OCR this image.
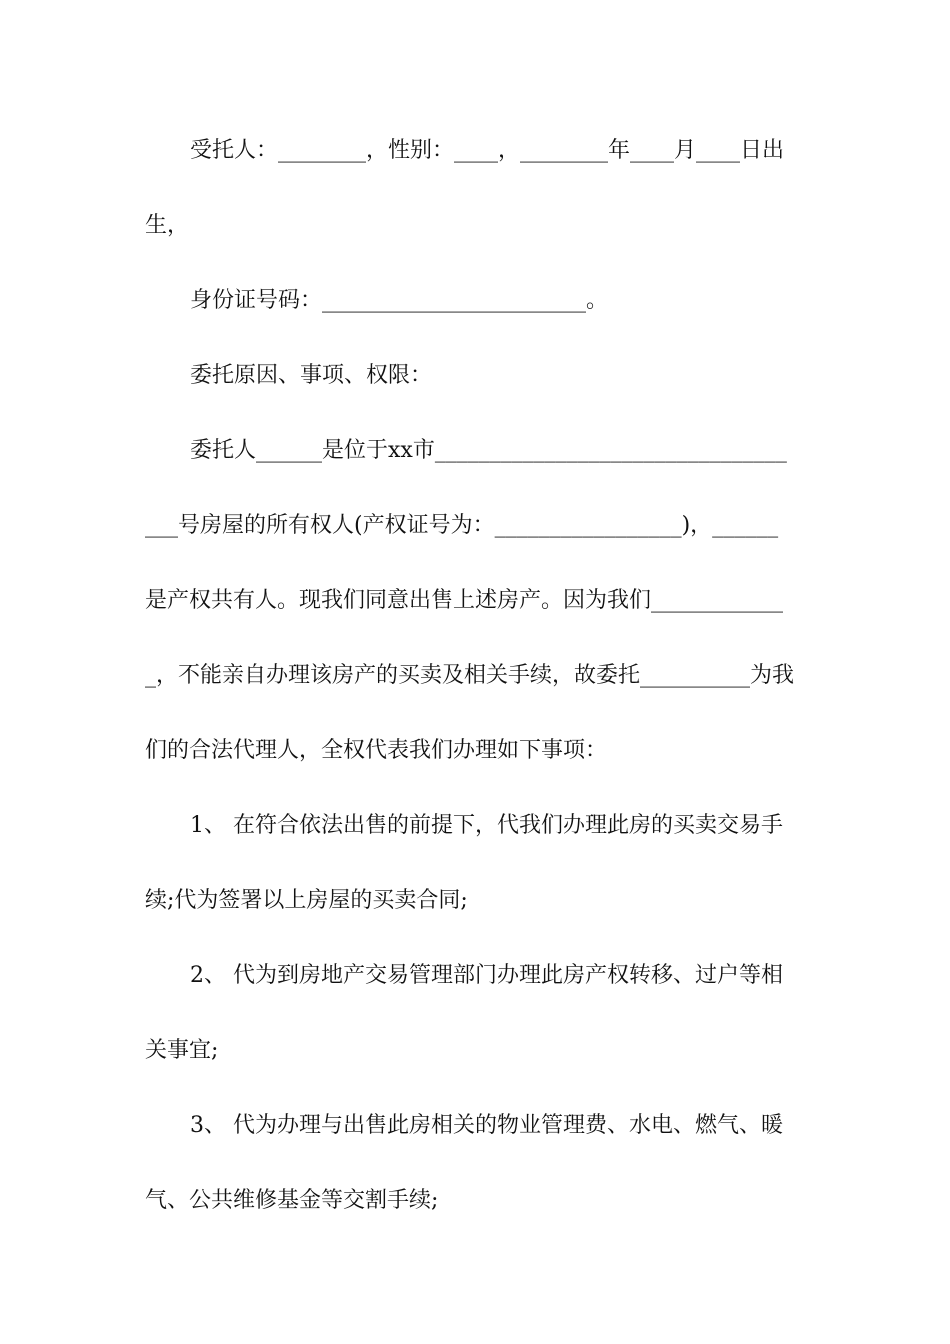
受托人：________，性别：____，________年____月____日出
生，
身份证号码：________________________。
委托原因、事项、权限：
委托人______是位于xx市________________________________
___号房屋的所有权人(产权证号为：_________________)，______
是产权共有人。现我们同意出售上述房产。因为我们____________
_，不能亲自办理该房产的买卖及相关手续，故委托__________为我
们的合法代理人，全权代表我们办理如下事项：
1、 在符合依法出售的前提下，代我们办理此房的买卖交易手
续;代为签署以上房屋的买卖合同;
2、 代为到房地产交易管理部门办理此房产权转移、过户等相
关事宜;
3、 代为办理与出售此房相关的物业管理费、水电、燃气、暖
气、公共维修基金等交割手续;
